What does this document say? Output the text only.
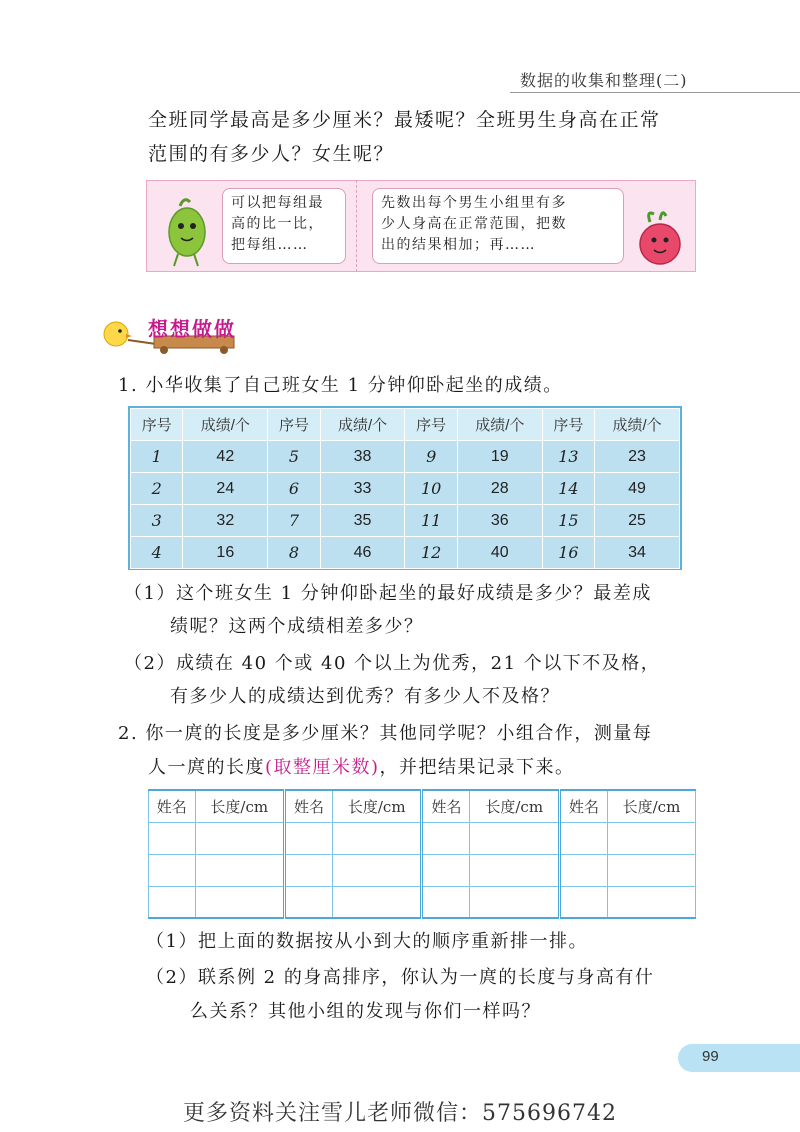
数据的收集和整理(二)
全班同学最高是多少厘米？最矮呢？全班男生身高在正常
范围的有多少人？女生呢？
可以把每组最
高的比一比，
把每组……
先数出每个男生小组里有多
少人身高在正常范围，把数
出的结果相加；再……
想想做做
1. 小华收集了自己班女生 1 分钟仰卧起坐的成绩。
序号	成绩/个	序号	成绩/个	序号	成绩/个	序号	成绩/个
1	42	5	38	9	19	13	23
2	24	6	33	10	28	14	49
3	32	7	35	11	36	15	25
4	16	8	46	12	40	16	34
（1）这个班女生 1 分钟仰卧起坐的最好成绩是多少？最差成
绩呢？这两个成绩相差多少？
（2）成绩在 40 个或 40 个以上为优秀，21 个以下不及格，
有多少人的成绩达到优秀？有多少人不及格？
2. 你一庹的长度是多少厘米？其他同学呢？小组合作，测量每
人一庹的长度(取整厘米数)，并把结果记录下来。
姓名	长度/cm	姓名	长度/cm	姓名	长度/cm	姓名	长度/cm

（1）把上面的数据按从小到大的顺序重新排一排。
（2）联系例 2 的身高排序，你认为一庹的长度与身高有什
么关系？其他小组的发现与你们一样吗？
99
更多资料关注雪儿老师微信：575696742
